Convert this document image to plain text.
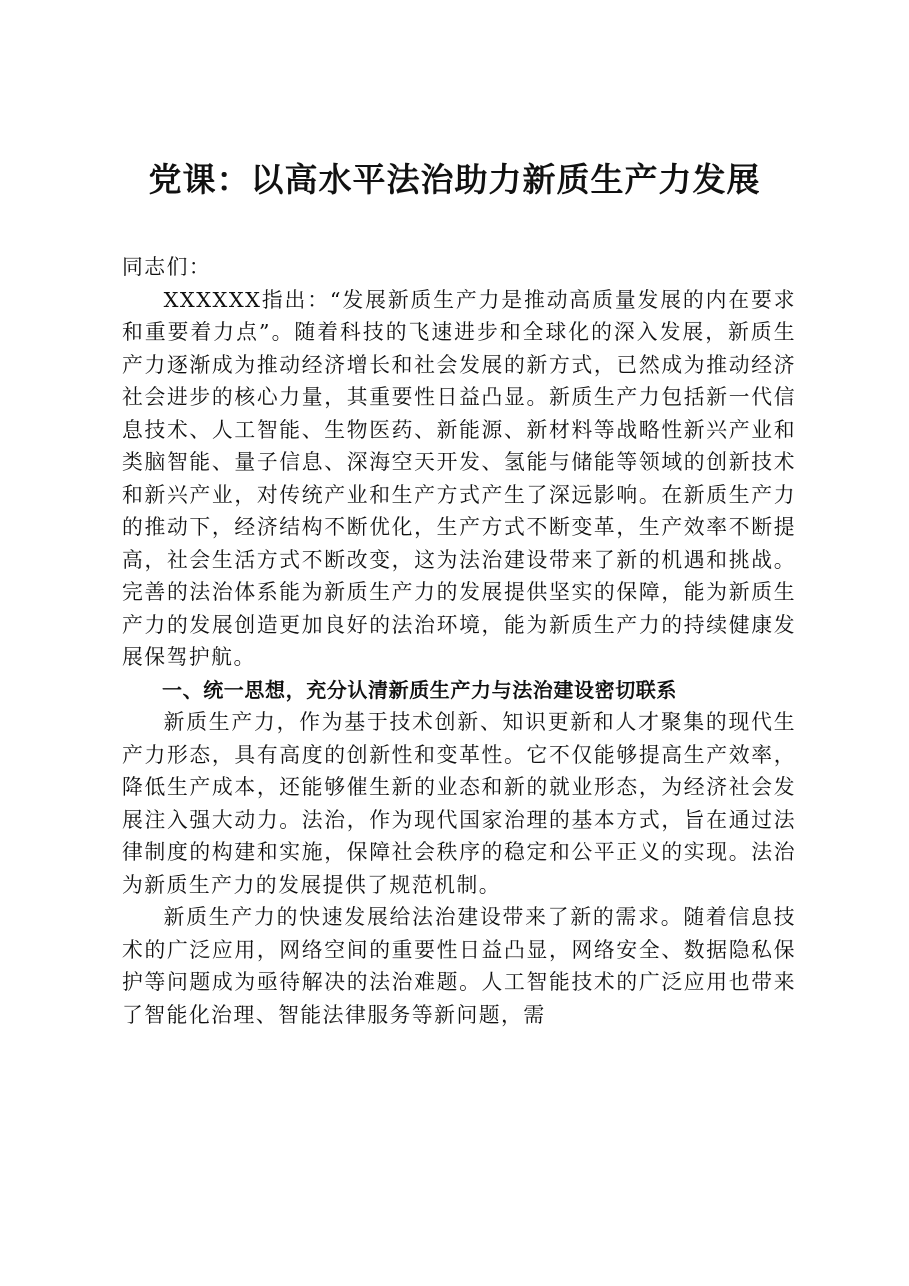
党课：以高水平法治助力新质生产力发展

同志们：

XXXXXX指出：“发展新质生产力是推动高质量发展的内在要求和重要着力点”。随着科技的飞速进步和全球化的深入发展，新质生产力逐渐成为推动经济增长和社会发展的新方式，已然成为推动经济社会进步的核心力量，其重要性日益凸显。新质生产力包括新一代信息技术、人工智能、生物医药、新能源、新材料等战略性新兴产业和类脑智能、量子信息、深海空天开发、氢能与储能等领域的创新技术和新兴产业，对传统产业和生产方式产生了深远影响。在新质生产力的推动下，经济结构不断优化，生产方式不断变革，生产效率不断提高，社会生活方式不断改变，这为法治建设带来了新的机遇和挑战。完善的法治体系能为新质生产力的发展提供坚实的保障，能为新质生产力的发展创造更加良好的法治环境，能为新质生产力的持续健康发展保驾护航。

一、统一思想，充分认清新质生产力与法治建设密切联系

新质生产力，作为基于技术创新、知识更新和人才聚集的现代生产力形态，具有高度的创新性和变革性。它不仅能够提高生产效率，降低生产成本，还能够催生新的业态和新的就业形态，为经济社会发展注入强大动力。法治，作为现代国家治理的基本方式，旨在通过法律制度的构建和实施，保障社会秩序的稳定和公平正义的实现。法治为新质生产力的发展提供了规范机制。

新质生产力的快速发展给法治建设带来了新的需求。随着信息技术的广泛应用，网络空间的重要性日益凸显，网络安全、数据隐私保护等问题成为亟待解决的法治难题。人工智能技术的广泛应用也带来了智能化治理、智能法律服务等新问题，需
